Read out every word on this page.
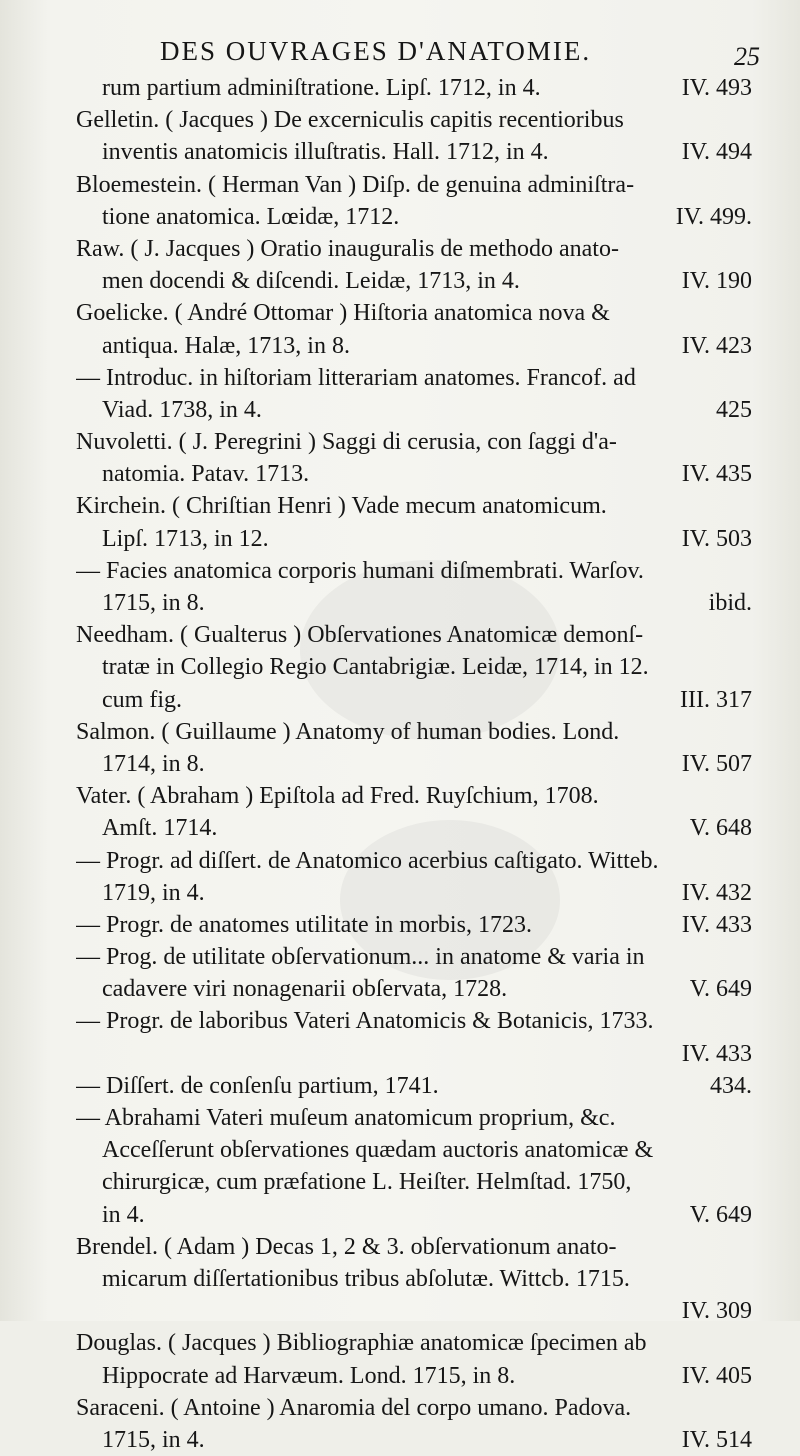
DES OUVRAGES D'ANATOMIE.	25
rum partium adminiſtratione. Lipſ. 1712, in 4.	IV. 493
Gelletin. ( Jacques ) De excerniculis capitis recentioribus
inventis anatomicis illuſtratis. Hall. 1712, in 4.	IV. 494
Bloemestein. ( Herman Van ) Diſp. de genuina adminiſtra-
tione anatomica. Lœidæ, 1712.	IV. 499.
Raw. ( J. Jacques ) Oratio inauguralis de methodo anato-
men docendi & diſcendi. Leidæ, 1713, in 4.	IV. 190
Goelicke. ( André Ottomar ) Hiſtoria anatomica nova &
antiqua. Halæ, 1713, in 8.	IV. 423
— Introduc. in hiſtoriam litterariam anatomes. Francof. ad
Viad. 1738, in 4.	425
Nuvoletti. ( J. Peregrini ) Saggi di cerusia, con ſaggi d'a-
natomia. Patav. 1713.	IV. 435
Kirchein. ( Chriſtian Henri ) Vade mecum anatomicum.
Lipſ. 1713, in 12.	IV. 503
— Facies anatomica corporis humani diſmembrati. Warſov.
1715, in 8.	ibid.
Needham. ( Gualterus ) Obſervationes Anatomicæ demonſ-
tratæ in Collegio Regio Cantabrigiæ. Leidæ, 1714, in 12.
cum fig.	III. 317
Salmon. ( Guillaume ) Anatomy of human bodies. Lond.
1714, in 8.	IV. 507
Vater. ( Abraham ) Epiſtola ad Fred. Ruyſchium, 1708.
Amſt. 1714.	V. 648
— Progr. ad diſſert. de Anatomico acerbius caſtigato. Witteb.
1719, in 4.	IV. 432
— Progr. de anatomes utilitate in morbis, 1723.	IV. 433
— Prog. de utilitate obſervationum... in anatome & varia in
cadavere viri nonagenarii obſervata, 1728.	V. 649
— Progr. de laboribus Vateri Anatomicis & Botanicis, 1733.
IV. 433
— Diſſert. de conſenſu partium, 1741.	434.
— Abrahami Vateri muſeum anatomicum proprium, &c.
Acceſſerunt obſervationes quædam auctoris anatomicæ &
chirurgicæ, cum præfatione L. Heiſter. Helmſtad. 1750,
in 4.	V. 649
Brendel. ( Adam ) Decas 1, 2 & 3. obſervationum anato-
micarum diſſertationibus tribus abſolutæ. Wittcb. 1715.
IV. 309
Douglas. ( Jacques ) Bibliographiæ anatomicæ ſpecimen ab
Hippocrate ad Harvæum. Lond. 1715, in 8.	IV. 405
Saraceni. ( Antoine ) Anaromia del corpo umano. Padova.
1715, in 4.	IV. 514
